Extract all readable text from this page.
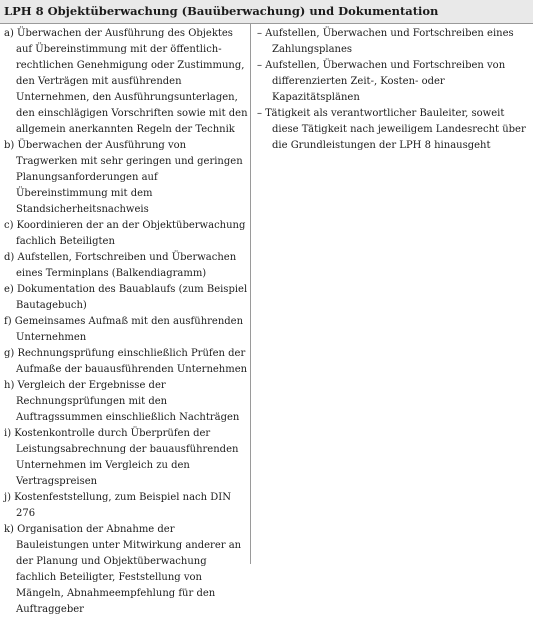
LPH 8 Objektüberwachung (Bauüberwachung) und Dokumentation

a) Überwachen der Ausführung des Objektes auf Übereinstimmung mit der öffentlich-rechtlichen Genehmigung oder Zustimmung, den Verträgen mit ausführenden Unternehmen, den Ausführungsunterlagen, den einschlägigen Vorschriften sowie mit den allgemein anerkannten Regeln der Technik

b) Überwachen der Ausführung von Tragwerken mit sehr geringen und geringen Planungsanforderungen auf Übereinstimmung mit dem Standsicherheitsnachweis

c) Koordinieren der an der Objektüberwachung fachlich Beteiligten

d) Aufstellen, Fortschreiben und Überwachen eines Terminplans (Balkendiagramm)

e) Dokumentation des Bauablaufs (zum Beispiel Bautagebuch)

f) Gemeinsames Aufmaß mit den ausführenden Unternehmen

g) Rechnungsprüfung einschließlich Prüfen der Aufmaße der bauausführenden Unternehmen

h) Vergleich der Ergebnisse der Rechnungsprüfungen mit den Auftragssummen einschließlich Nachträgen

i) Kostenkontrolle durch Überprüfen der Leistungsabrechnung der bauausführenden Unternehmen im Vergleich zu den Vertragspreisen

j) Kostenfeststellung, zum Beispiel nach DIN 276

k) Organisation der Abnahme der Bauleistungen unter Mitwirkung anderer an der Planung und Objektüberwachung fachlich Beteiligter, Feststellung von Mängeln, Abnahmeempfehlung für den Auftraggeber

– Aufstellen, Überwachen und Fortschreiben eines Zahlungsplanes

– Aufstellen, Überwachen und Fortschreiben von differenzierten Zeit-, Kosten- oder Kapazitätsplänen

– Tätigkeit als verantwortlicher Bauleiter, soweit diese Tätigkeit nach jeweiligem Landesrecht über die Grundleistungen der LPH 8 hinausgeht
